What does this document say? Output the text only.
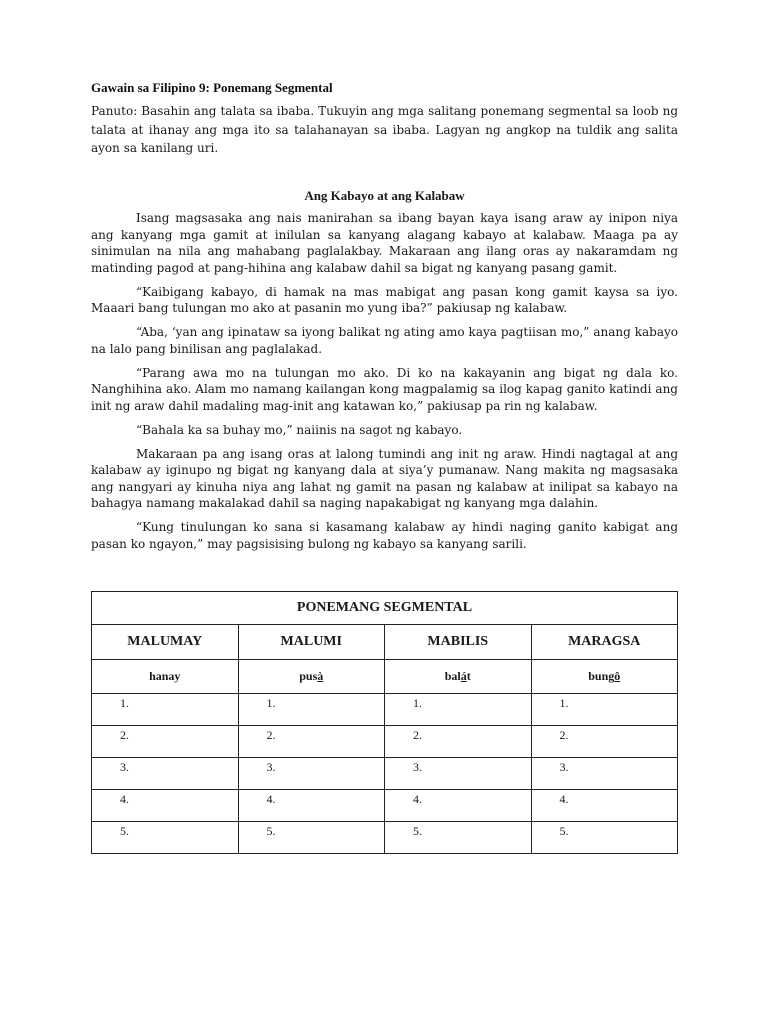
Gawain sa Filipino 9: Ponemang Segmental
Panuto: Basahin ang talata sa ibaba. Tukuyin ang mga salitang ponemang segmental sa loob ng talata at ihanay ang mga ito sa talahanayan sa ibaba. Lagyan ng angkop na tuldik ang salita ayon sa kanilang uri.
Ang Kabayo at ang Kalabaw

Isang magsasaka ang nais manirahan sa ibang bayan kaya isang araw ay inipon niya ang kanyang mga gamit at inilulan sa kanyang alagang kabayo at kalabaw. Maaga pa ay sinimulan na nila ang mahabang paglalakbay. Makaraan ang ilang oras ay nakaramdam ng matinding pagod at pang-hihina ang kalabaw dahil sa bigat ng kanyang pasang gamit.

“Kaibigang kabayo, di hamak na mas mabigat ang pasan kong gamit kaysa sa iyo. Maaari bang tulungan mo ako at pasanin mo yung iba?” pakiusap ng kalabaw.

“Aba, ‘yan ang ipinataw sa iyong balikat ng ating amo kaya pagtiisan mo,” anang kabayo na lalo pang binilisan ang paglalakad.

“Parang awa mo na tulungan mo ako. Di ko na kakayanin ang bigat ng dala ko. Nanghihina ako. Alam mo namang kailangan kong magpalamig sa ilog kapag ganito katindi ang init ng araw dahil madaling mag-init ang katawan ko,” pakiusap pa rin ng kalabaw.

“Bahala ka sa buhay mo,” naiinis na sagot ng kabayo.

Makaraan pa ang isang oras at lalong tumindi ang init ng araw. Hindi nagtagal at ang kalabaw ay iginupo ng bigat ng kanyang dala at siya’y pumanaw. Nang makita ng magsasaka ang nangyari ay kinuha niya ang lahat ng gamit na pasan ng kalabaw at inilipat sa kabayo na bahagya namang makalakad dahil sa naging napakabigat ng kanyang mga dalahin.

“Kung tinulungan ko sana si kasamang kalabaw ay hindi naging ganito kabigat ang pasan ko ngayon,” may pagsisising bulong ng kabayo sa kanyang sarili.

PONEMANG SEGMENTAL			
MALUMAY	MALUMI	MABILIS	MARAGSA
hanay	pusà	balát	bungô
1.	1.	1.	1.
2.	2.	2.	2.
3.	3.	3.	3.
4.	4.	4.	4.
5.	5.	5.	5.
